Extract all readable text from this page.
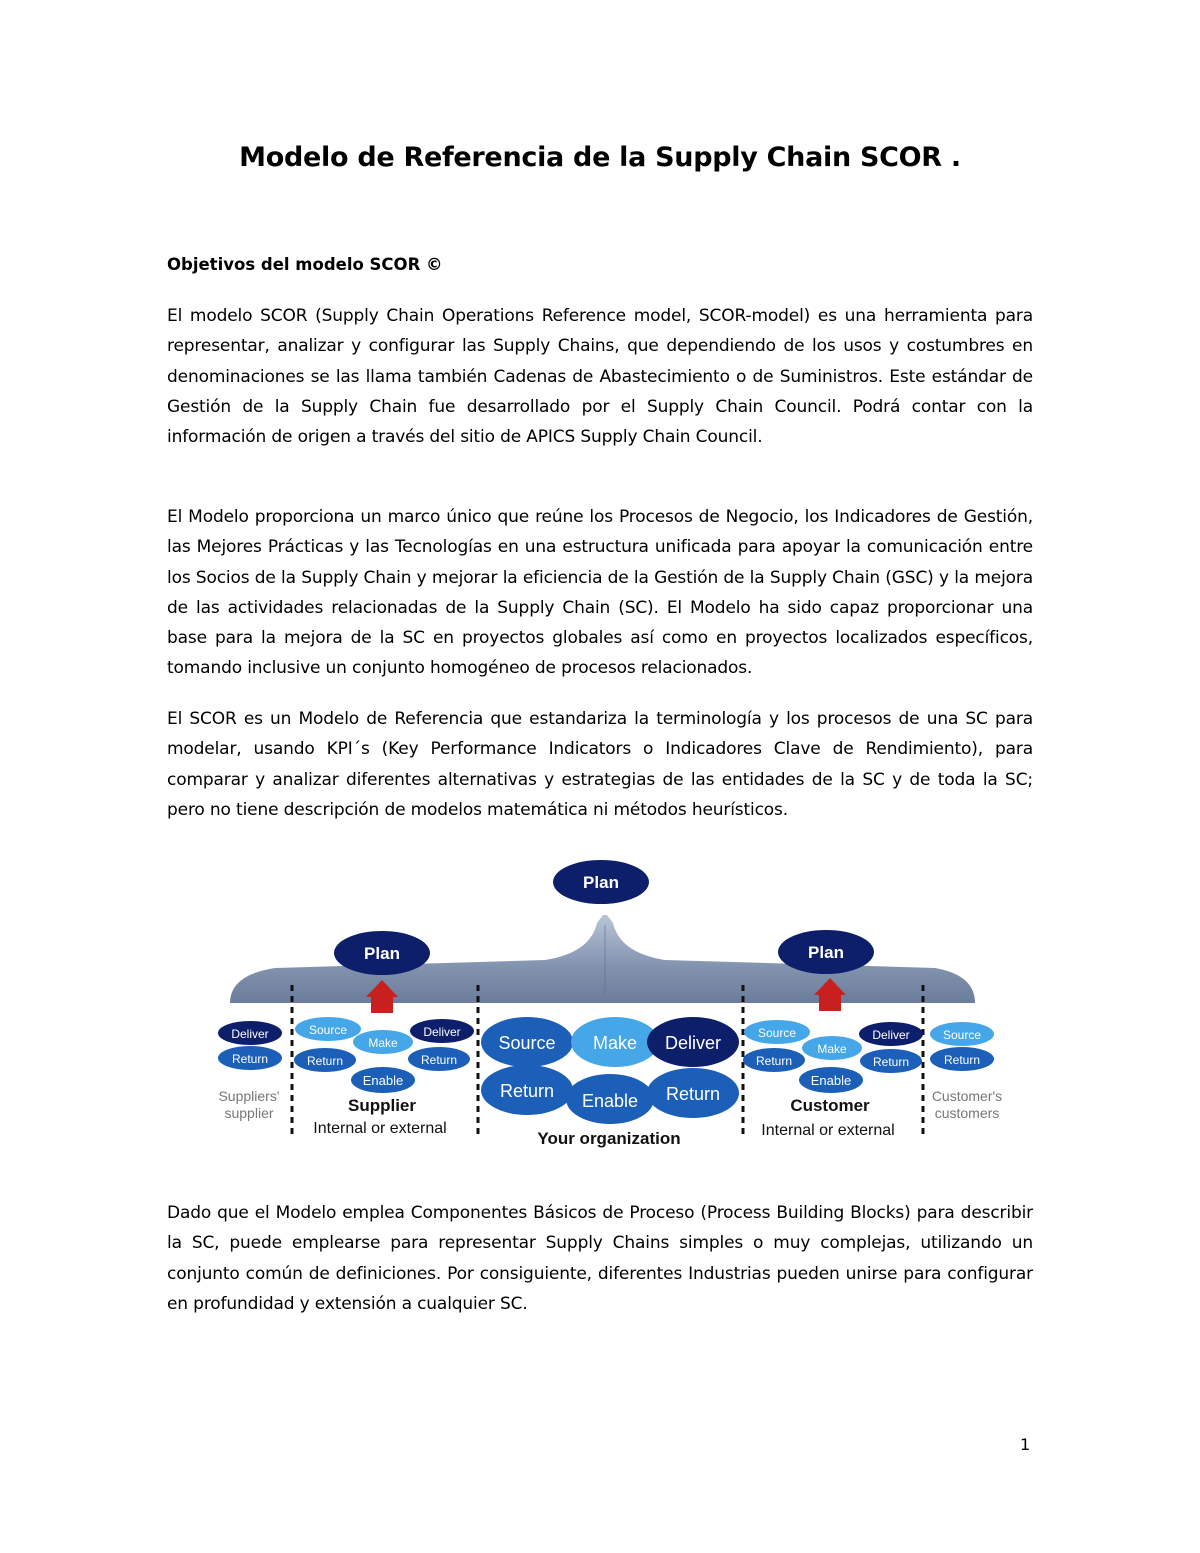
Modelo de Referencia de la Supply Chain SCOR .
Objetivos del modelo SCOR ©
El modelo SCOR (Supply Chain Operations Reference model, SCOR-model) es una herramienta para representar, analizar y configurar las Supply Chains, que dependiendo de los usos y costumbres en denominaciones se las llama también Cadenas de Abastecimiento o de Suministros. Este estándar de Gestión de la Supply Chain fue desarrollado por el Supply Chain Council. Podrá contar con la información de origen a través del sitio de APICS Supply Chain Council.
El Modelo proporciona un marco único que reúne los Procesos de Negocio, los Indicadores de Gestión, las Mejores Prácticas y las Tecnologías en una estructura unificada para apoyar la comunicación entre los Socios de la Supply Chain y mejorar la eficiencia de la Gestión de la Supply Chain (GSC) y la mejora de las actividades relacionadas de la Supply Chain (SC). El Modelo ha sido capaz proporcionar una base para la mejora de la SC en proyectos globales así como en proyectos localizados específicos, tomando inclusive un conjunto homogéneo de procesos relacionados.
El SCOR es un Modelo de Referencia que estandariza la terminología y los procesos de una SC para modelar, usando KPI´s (Key Performance Indicators o Indicadores Clave de Rendimiento), para comparar y analizar diferentes alternativas y estrategias de las entidades de la SC y de toda la SC; pero no tiene descripción de modelos matemática ni métodos heurísticos.
Plan
Plan	Plan
Deliver
Return
Suppliers'
supplier
Source
Make
Deliver
Return	Return
Enable
Supplier
Internal or external
Source Make Deliver
Return Enable Return
Your organization
Source
Make
Deliver
Return	Return
Enable
Customer
Internal or external
Source
Return
Customer's
customers
Dado que el Modelo emplea Componentes Básicos de Proceso (Process Building Blocks) para describir la SC, puede emplearse para representar Supply Chains simples o muy complejas, utilizando un conjunto común de definiciones. Por consiguiente, diferentes Industrias pueden unirse para configurar en profundidad y extensión a cualquier SC.
1
